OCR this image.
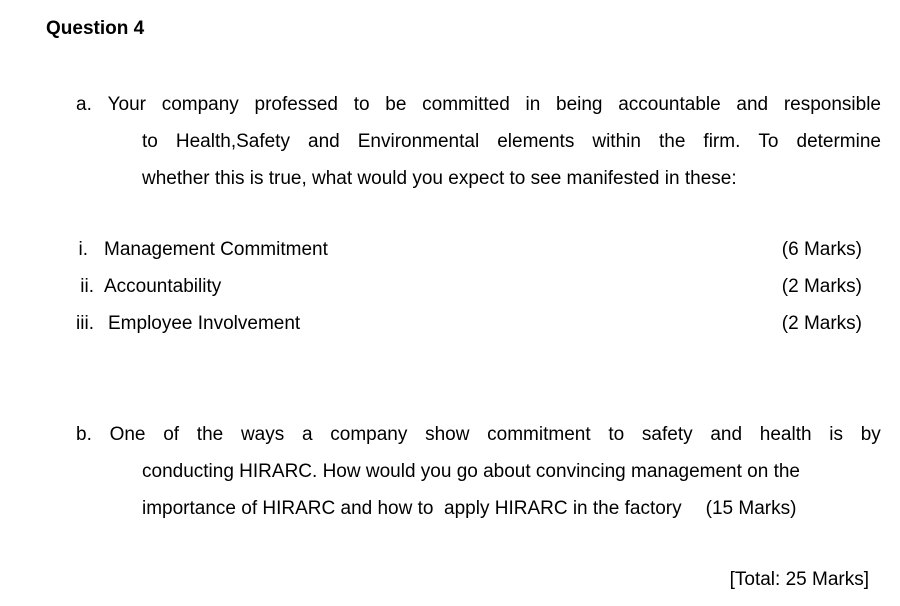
Question 4
a. Your company professed to be committed in being accountable and responsible
to Health,Safety and Environmental elements within the firm. To determine
whether this is true, what would you expect to see manifested in these:
i. Management Commitment	(6 Marks)
ii. Accountability	(2 Marks)
iii. Employee Involvement	(2 Marks)
b. One of the ways a company show commitment to safety and health is by
conducting HIRARC. How would you go about convincing management on the
importance of HIRARC and how to  apply HIRARC in the factory (15 Marks)
[Total: 25 Marks]
